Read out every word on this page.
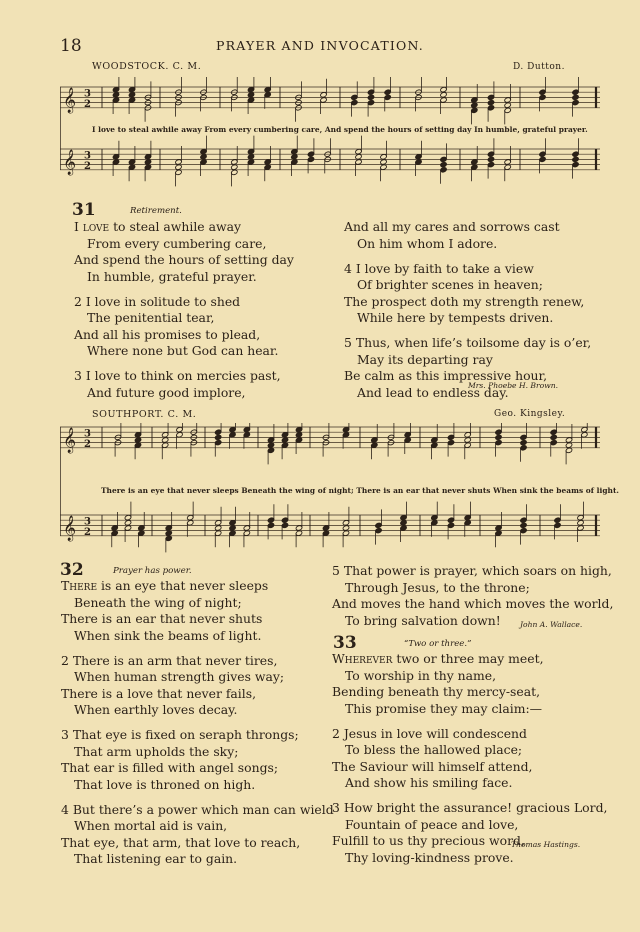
18	PRAYER AND INVOCATION.
WOODSTOCK. C. M.	D. Dutton.
𝄞 3
2
𝄞 3
2
I love to steal awhile away From every cumbering care, And spend the hours of setting day In humble, grateful prayer.
31	Retirement.
I love to steal awhile away
From every cumbering care,
And spend the hours of setting day
In humble, grateful prayer.
2 I love in solitude to shed
The penitential tear,
And all his promises to plead,
Where none but God can hear.
3 I love to think on mercies past,
And future good implore,
And all my cares and sorrows cast
On him whom I adore.
4 I love by faith to take a view
Of brighter scenes in heaven;
The prospect doth my strength renew,
While here by tempests driven.
5 Thus, when life’s toilsome day is o’er,
May its departing ray
Be calm as this impressive hour,
And lead to endless day.
Mrs. Phoebe H. Brown.
SOUTHPORT. C. M.	Geo. Kingsley.
𝄞 3
2
𝄞 3
2
There is an eye that never sleeps Beneath the wing of night; There is an ear that never shuts When sink the beams of light.
32	Prayer has power.
There is an eye that never sleeps
Beneath the wing of night;
There is an ear that never shuts
When sink the beams of light.
2 There is an arm that never tires,
When human strength gives way;
There is a love that never fails,
When earthly loves decay.
3 That eye is fixed on seraph throngs;
That arm upholds the sky;
That ear is filled with angel songs;
That love is throned on high.
4 But there’s a power which man can wield
When mortal aid is vain,
That eye, that arm, that love to reach,
That listening ear to gain.
5 That power is prayer, which soars on high,
Through Jesus, to the throne;
And moves the hand which moves the world,
To bring salvation down!	John A. Wallace.
33	“Two or three.”
Wherever two or three may meet,
To worship in thy name,
Bending beneath thy mercy-seat,
This promise they may claim:—
2 Jesus in love will condescend
To bless the hallowed place;
The Saviour will himself attend,
And show his smiling face.
3 How bright the assurance! gracious Lord,
Fountain of peace and love,
Fulfill to us thy precious word,
Thy loving-kindness prove.
Thomas Hastings.
